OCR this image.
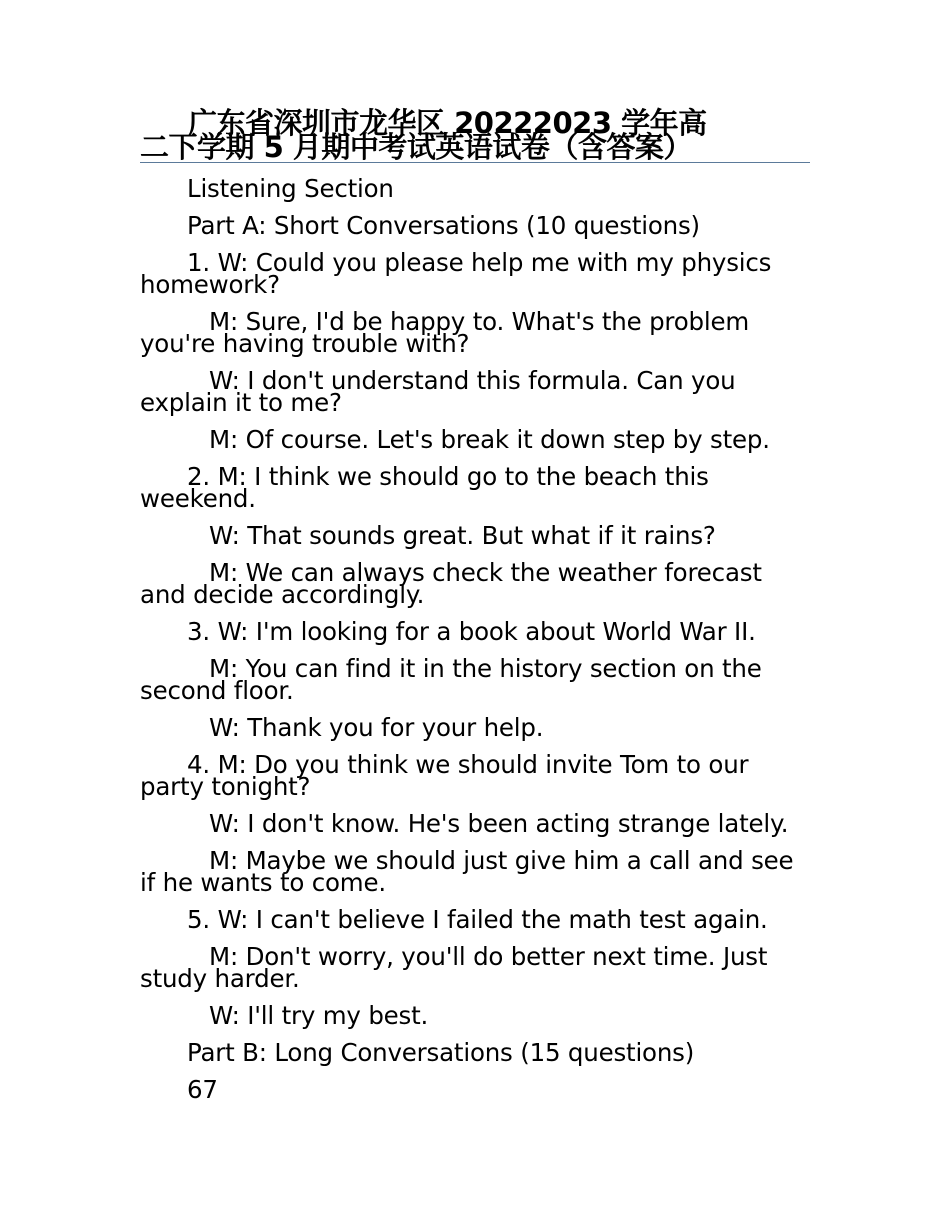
广东省深圳市龙华区 20222023 学年高
二下学期 5 月期中考试英语试卷（含答案）

Listening Section

Part A: Short Conversations (10 questions)

1. W: Could you please help me with my physics homework?

M: Sure, I'd be happy to. What's the problem you're having trouble with?

W: I don't understand this formula. Can you explain it to me?

M: Of course. Let's break it down step by step.

2. M: I think we should go to the beach this weekend.

W: That sounds great. But what if it rains?

M: We can always check the weather forecast and decide accordingly.

3. W: I'm looking for a book about World War II.

M: You can find it in the history section on the second floor.

W: Thank you for your help.

4. M: Do you think we should invite Tom to our party tonight?

W: I don't know. He's been acting strange lately.

M: Maybe we should just give him a call and see if he wants to come.

5. W: I can't believe I failed the math test again.

M: Don't worry, you'll do better next time. Just study harder.

W: I'll try my best.

Part B: Long Conversations (15 questions)

67
